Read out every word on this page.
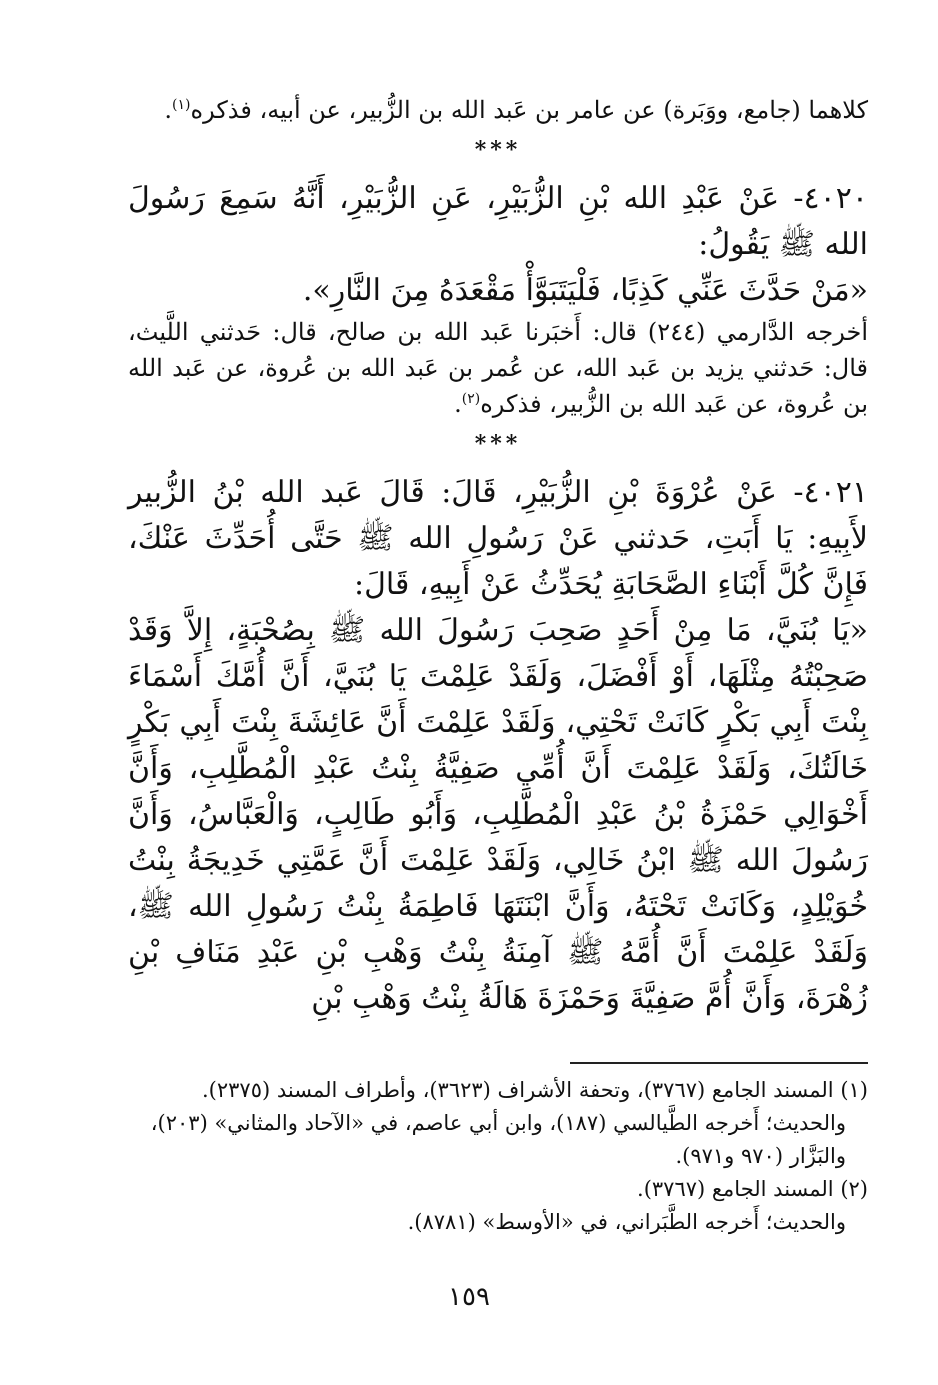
كلاهما (جامع، ووَبَرة) عن عامر بن عَبد الله بن الزُّبير، عن أبيه، فذكره$^{(١)}$.

***

٤٠٢٠- عَنْ عَبْدِ الله بْنِ الزُّبَيْرِ، عَنِ الزُّبَيْرِ، أَنَّهُ سَمِعَ رَسُولَ الله ﷺ يَقُولُ:

«مَنْ حَدَّثَ عَنِّي كَذِبًا، فَلْيَتَبَوَّأْ مَقْعَدَهُ مِنَ النَّارِ».

أخرجه الدَّارمي (٢٤٤) قال: أَخبَرنا عَبد الله بن صالح، قال: حَدثني اللَّيث، قال: حَدثني يزيد بن عَبد الله، عن عُمر بن عَبد الله بن عُروة، عن عَبد الله بن عُروة، عن عَبد الله بن الزُّبير، فذكره$^{(٢)}$.

***

٤٠٢١- عَنْ عُرْوَةَ بْنِ الزُّبَيْرِ، قَالَ: قَالَ عَبد الله بْنُ الزُّبير لأَبِيهِ: يَا أَبَتِ، حَدثني عَنْ رَسُولِ الله ﷺ حَتَّى أُحَدِّثَ عَنْكَ، فَإِنَّ كُلَّ أَبْنَاءِ الصَّحَابَةِ يُحَدِّثُ عَنْ أَبِيهِ، قَالَ:

«يَا بُنَيَّ، مَا مِنْ أَحَدٍ صَحِبَ رَسُولَ الله ﷺ بِصُحْبَةٍ، إِلاَّ وَقَدْ صَحِبْتُهُ مِثْلَهَا، أَوْ أَفْضَلَ، وَلَقَدْ عَلِمْتَ يَا بُنَيَّ، أَنَّ أُمَّكَ أَسْمَاءَ بِنْتَ أَبِي بَكْرٍ كَانَتْ تَحْتِي، وَلَقَدْ عَلِمْتَ أَنَّ عَائِشَةَ بِنْتَ أَبِي بَكْرٍ خَالَتُكَ، وَلَقَدْ عَلِمْتَ أَنَّ أُمِّي صَفِيَّةُ بِنْتُ عَبْدِ الْمُطَّلِبِ، وَأَنَّ أَخْوَالِي حَمْزَةُ بْنُ عَبْدِ الْمُطَّلِبِ، وَأَبُو طَالِبٍ، وَالْعَبَّاسُ، وَأَنَّ رَسُولَ الله ﷺ ابْنُ خَالِي، وَلَقَدْ عَلِمْتَ أَنَّ عَمَّتِي خَدِيجَةُ بِنْتُ خُوَيْلِدٍ، وَكَانَتْ تَحْتَهُ، وَأَنَّ ابْنَتَهَا فَاطِمَةُ بِنْتُ رَسُولِ الله ﷺ، وَلَقَدْ عَلِمْتَ أَنَّ أُمَّهُ ﷺ آمِنَةُ بِنْتُ وَهْبِ بْنِ عَبْدِ مَنَافِ بْنِ زُهْرَةَ، وَأَنَّ أُمَّ صَفِيَّةَ وَحَمْزَةَ هَالَةُ بِنْتُ وَهْبِ بْنِ

(١) المسند الجامع (٣٧٦٧)، وتحفة الأشراف (٣٦٢٣)، وأطراف المسند (٢٣٧٥).

والحديث؛ أَخرجه الطَّيالسي (١٨٧)، وابن أبي عاصم، في «الآحاد والمثاني» (٢٠٣)، والبَزَّار (٩٧٠ و٩٧١).

(٢) المسند الجامع (٣٧٦٧).

والحديث؛ أَخرجه الطَّبَراني، في «الأوسط» (٨٧٨١).

١٥٩
